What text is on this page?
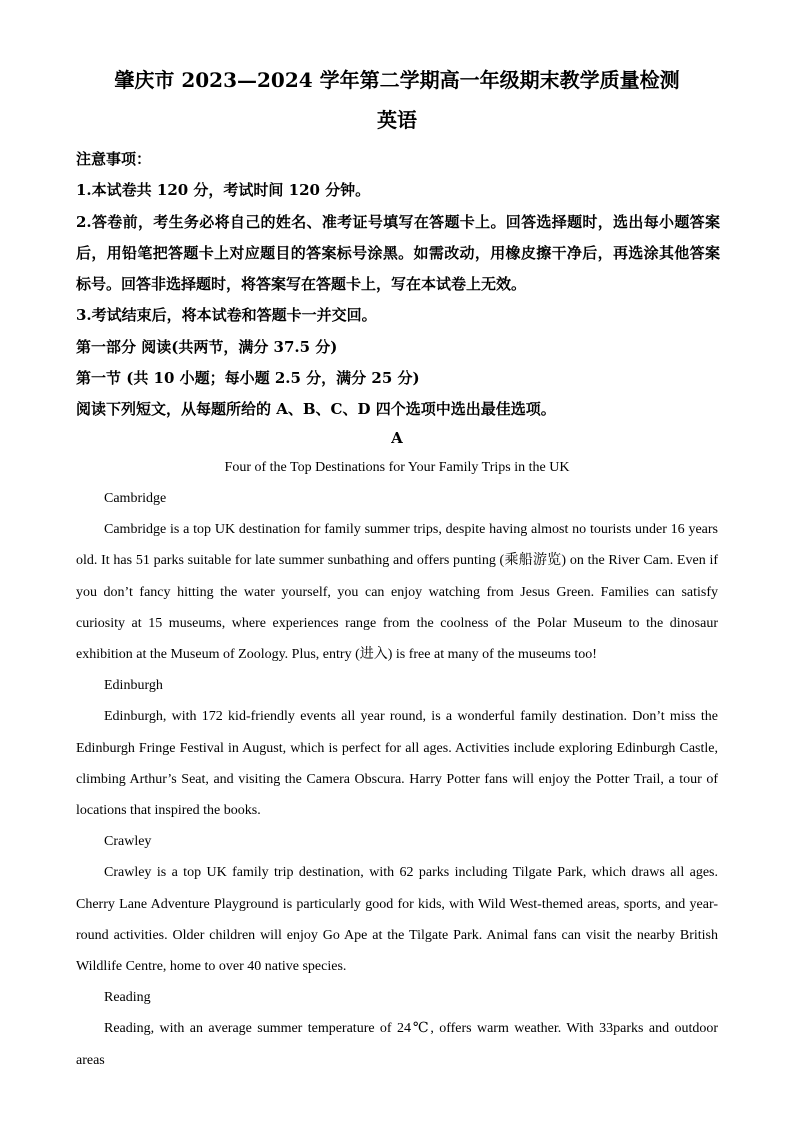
肇庆市 2023—2024 学年第二学期高一年级期末教学质量检测
英语
注意事项：
1.本试卷共 120 分，考试时间 120 分钟。
2.答卷前，考生务必将自己的姓名、准考证号填写在答题卡上。回答选择题时，选出每小题答案后，用铅笔把答题卡上对应题目的答案标号涂黑。如需改动，用橡皮擦干净后，再选涂其他答案标号。回答非选择题时，将答案写在答题卡上，写在本试卷上无效。
3.考试结束后，将本试卷和答题卡一并交回。
第一部分 阅读(共两节，满分 37.5 分)
第一节 (共 10 小题；每小题 2.5 分，满分 25 分)
阅读下列短文，从每题所给的 A、B、C、D 四个选项中选出最佳选项。
A
Four of the Top Destinations for Your Family Trips in the UK

Cambridge

Cambridge is a top UK destination for family summer trips, despite having almost no tourists under 16 years old. It has 51 parks suitable for late summer sunbathing and offers punting (乘船游览) on the River Cam. Even if you don’t fancy hitting the water yourself, you can enjoy watching from Jesus Green. Families can satisfy curiosity at 15 museums, where experiences range from the coolness of the Polar Museum to the dinosaur exhibition at the Museum of Zoology. Plus, entry (进入) is free at many of the museums too!

Edinburgh

Edinburgh, with 172 kid-friendly events all year round, is a wonderful family destination. Don’t miss the Edinburgh Fringe Festival in August, which is perfect for all ages. Activities include exploring Edinburgh Castle, climbing Arthur’s Seat, and visiting the Camera Obscura. Harry Potter fans will enjoy the Potter Trail, a tour of locations that inspired the books.

Crawley

Crawley is a top UK family trip destination, with 62 parks including Tilgate Park, which draws all ages. Cherry Lane Adventure Playground is particularly good for kids, with Wild West-themed areas, sports, and year-round activities. Older children will enjoy Go Ape at the Tilgate Park. Animal fans can visit the nearby British Wildlife Centre, home to over 40 native species.

Reading

Reading, with an average summer temperature of 24℃, offers warm weather. With 33parks and outdoor areas
